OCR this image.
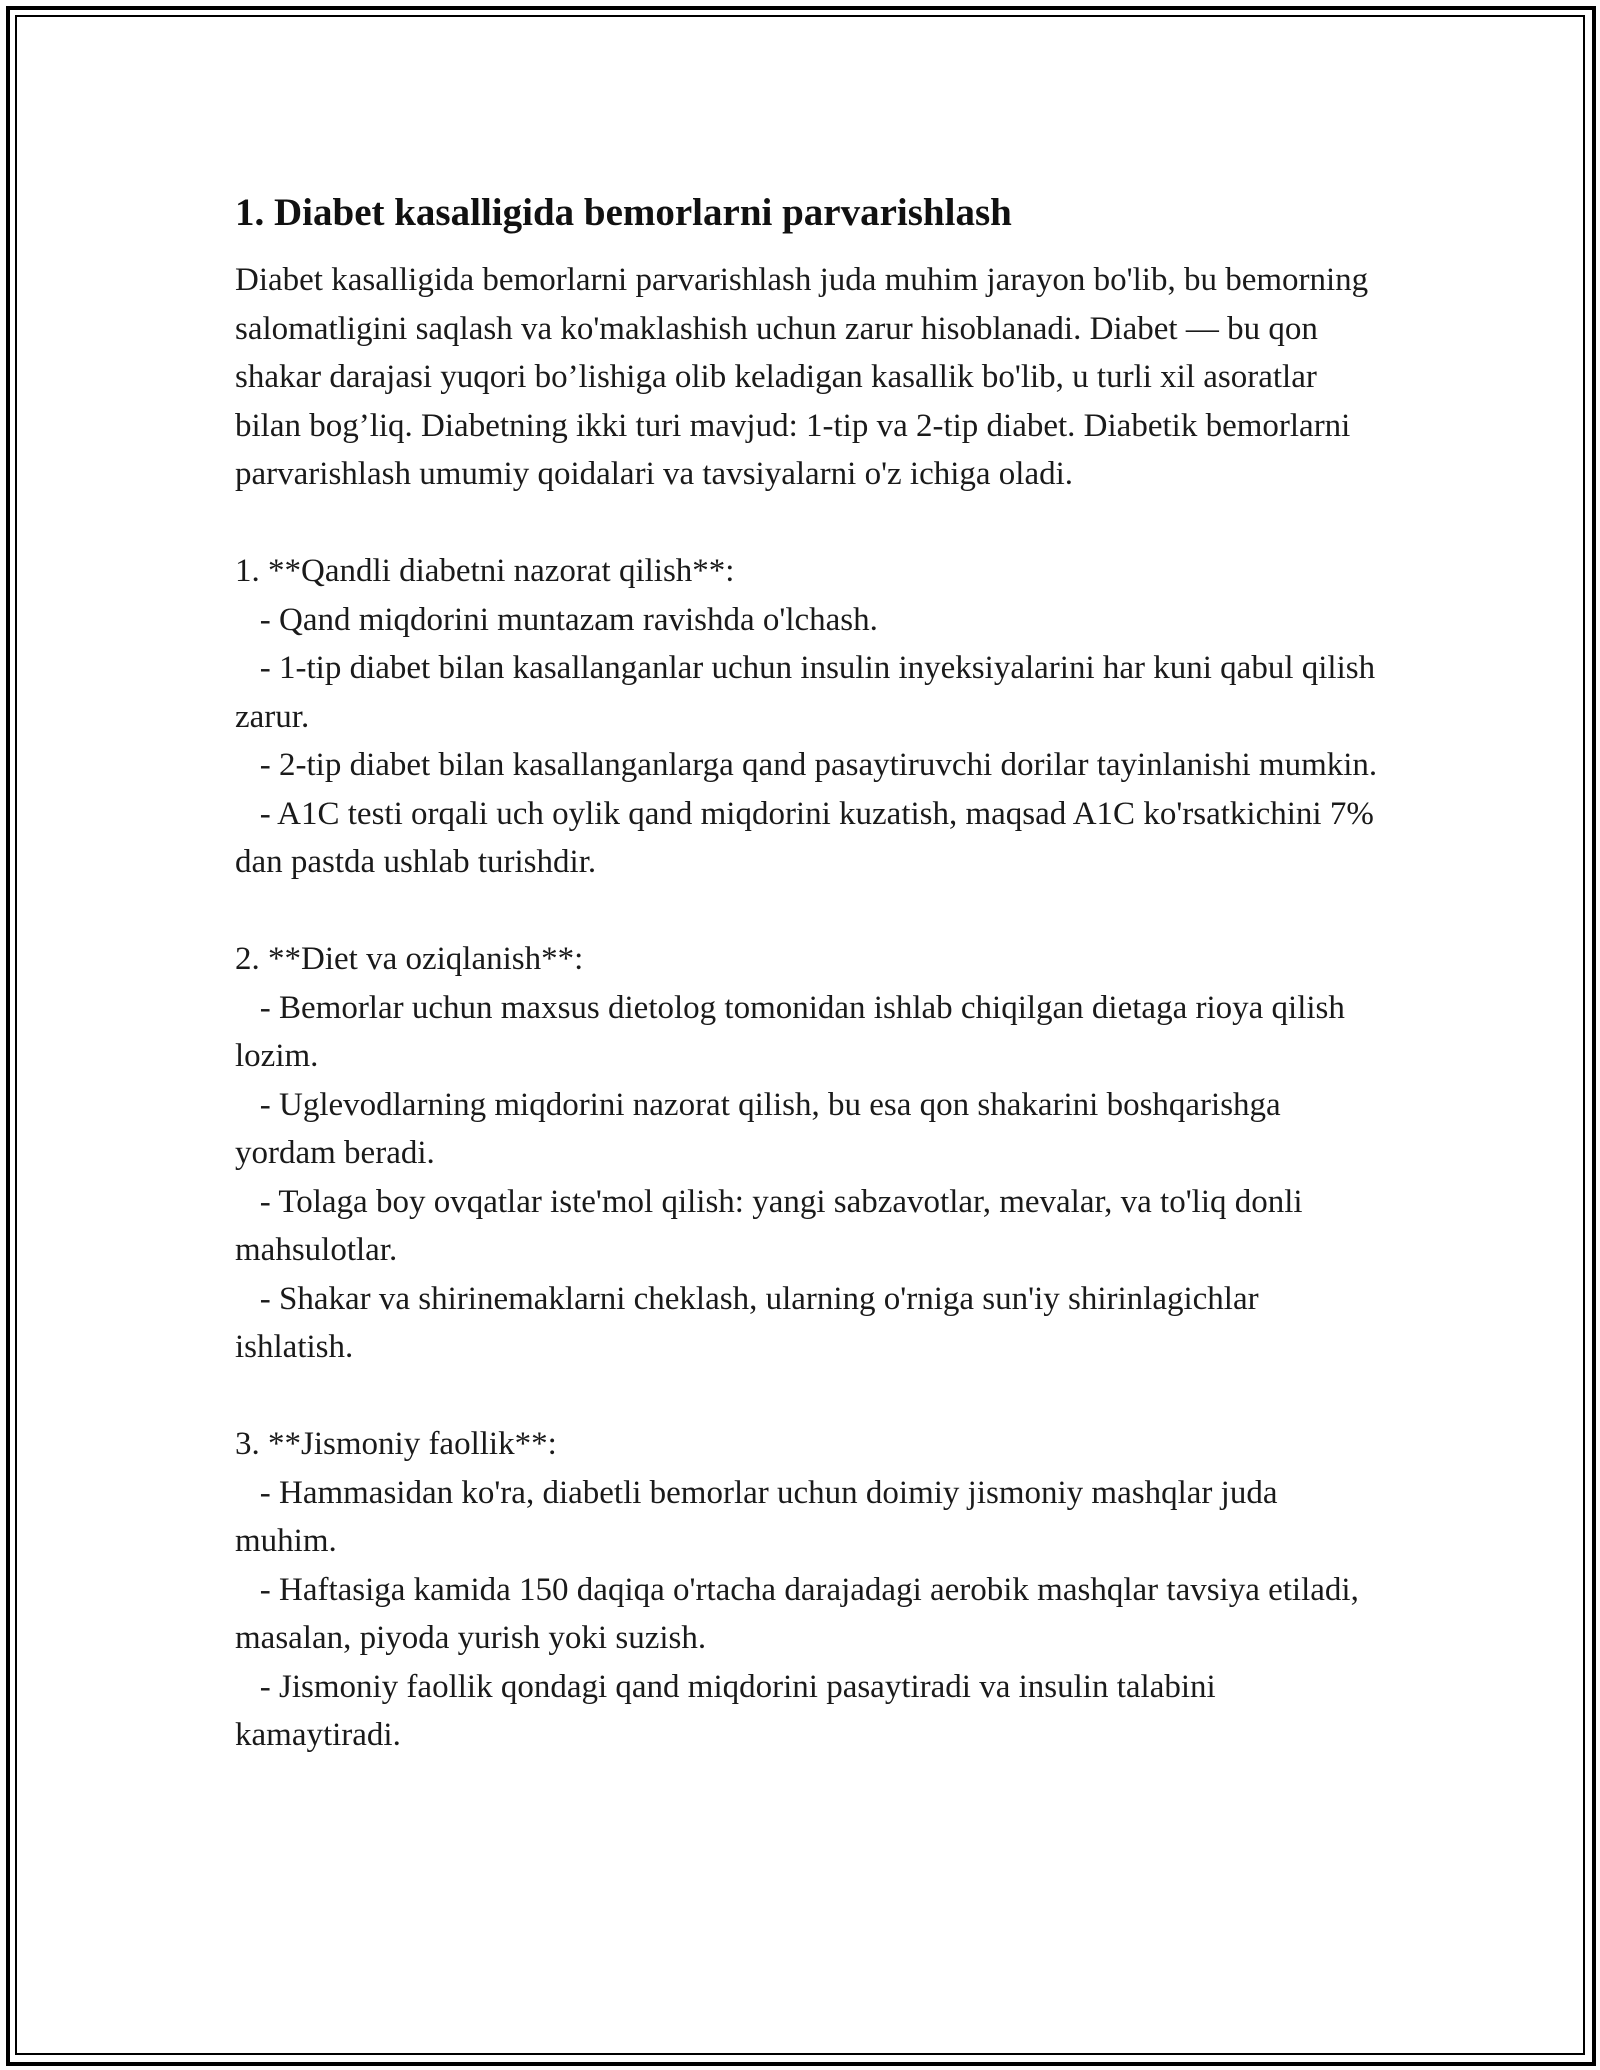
1. Diabet kasalligida bemorlarni parvarishlash

Diabet kasalligida bemorlarni parvarishlash juda muhim jarayon bo'lib, bu bemorning salomatligini saqlash va ko'maklashish uchun zarur hisoblanadi. Diabet — bu qon shakar darajasi yuqori bo’lishiga olib keladigan kasallik bo'lib, u turli xil asoratlar bilan bog’liq. Diabetning ikki turi mavjud: 1-tip va 2-tip diabet. Diabetik bemorlarni parvarishlash umumiy qoidalari va tavsiyalarni o'z ichiga oladi.

1. **Qandli diabetni nazorat qilish**:

- Qand miqdorini muntazam ravishda o'lchash.

- 1-tip diabet bilan kasallanganlar uchun insulin inyeksiyalarini har kuni qabul qilish zarur.

- 2-tip diabet bilan kasallanganlarga qand pasaytiruvchi dorilar tayinlanishi mumkin.

- A1C testi orqali uch oylik qand miqdorini kuzatish, maqsad A1C ko'rsatkichini 7% dan pastda ushlab turishdir.

2. **Diet va oziqlanish**:

- Bemorlar uchun maxsus dietolog tomonidan ishlab chiqilgan dietaga rioya qilish lozim.

- Uglevodlarning miqdorini nazorat qilish, bu esa qon shakarini boshqarishga yordam beradi.

- Tolaga boy ovqatlar iste'mol qilish: yangi sabzavotlar, mevalar, va to'liq donli mahsulotlar.

- Shakar va shirinemaklarni cheklash, ularning o'rniga sun'iy shirinlagichlar ishlatish.

3. **Jismoniy faollik**:

- Hammasidan ko'ra, diabetli bemorlar uchun doimiy jismoniy mashqlar juda muhim.

- Haftasiga kamida 150 daqiqa o'rtacha darajadagi aerobik mashqlar tavsiya etiladi, masalan, piyoda yurish yoki suzish.

- Jismoniy faollik qondagi qand miqdorini pasaytiradi va insulin talabini kamaytiradi.
